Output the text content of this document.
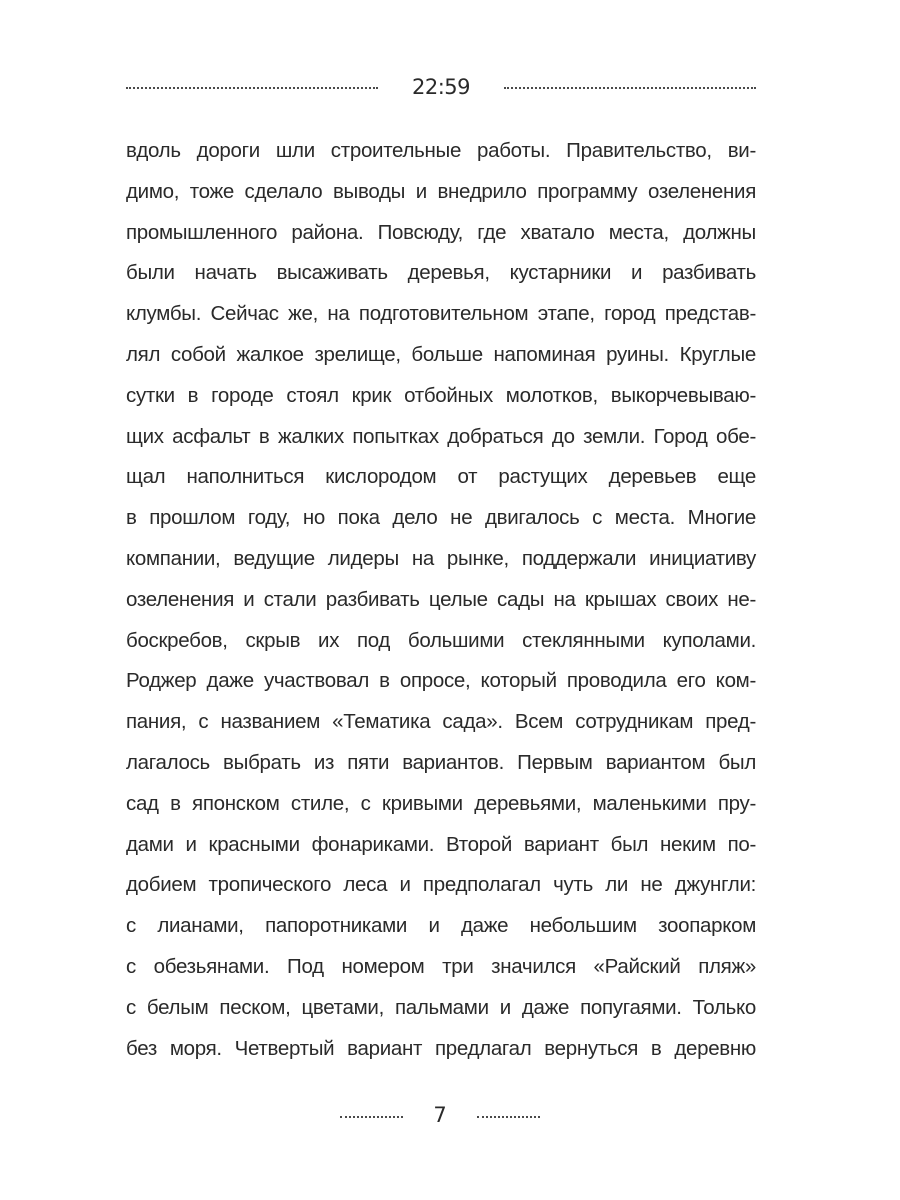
22:59
вдоль дороги шли строительные работы. Правительство, ви-
димо, тоже сделало выводы и внедрило программу озеленения
промышленного района. Повсюду, где хватало места, должны
были начать высаживать деревья, кустарники и разбивать
клумбы. Сейчас же, на подготовительном этапе, город представ-
лял собой жалкое зрелище, больше напоминая руины. Круглые
сутки в городе стоял крик отбойных молотков, выкорчевываю-
щих асфальт в жалких попытках добраться до земли. Город обе-
щал наполниться кислородом от растущих деревьев еще
в прошлом году, но пока дело не двигалось с места. Многие
компании, ведущие лидеры на рынке, поддержали инициативу
озеленения и стали разбивать целые сады на крышах своих не-
боскребов, скрыв их под большими стеклянными куполами.
Роджер даже участвовал в опросе, который проводила его ком-
пания, с названием «Тематика сада». Всем сотрудникам пред-
лагалось выбрать из пяти вариантов. Первым вариантом был
сад в японском стиле, с кривыми деревьями, маленькими пру-
дами и красными фонариками. Второй вариант был неким по-
добием тропического леса и предполагал чуть ли не джунгли:
с лианами, папоротниками и даже небольшим зоопарком
с обезьянами. Под номером три значился «Райский пляж»
с белым песком, цветами, пальмами и даже попугаями. Только
без моря. Четвертый вариант предлагал вернуться в деревню
7
